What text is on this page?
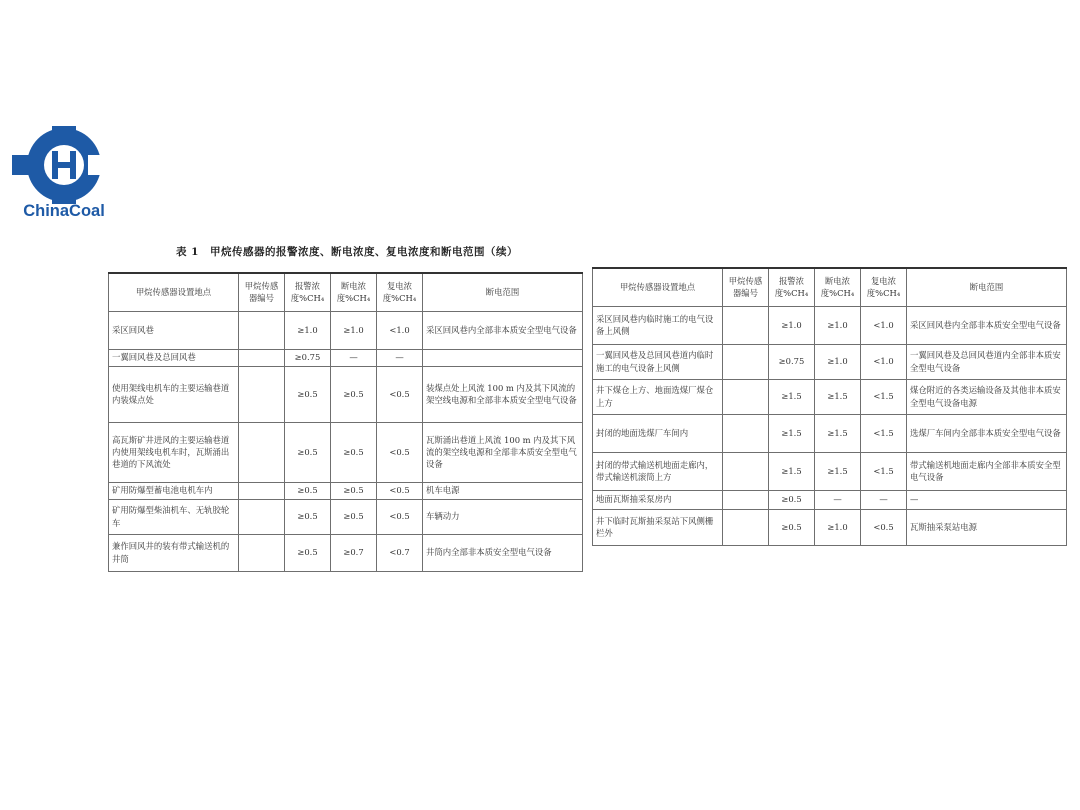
ChinaCoal
表 1　甲烷传感器的报警浓度、断电浓度、复电浓度和断电范围（续）
甲烷传感器设置地点	甲烷传感器编号	报警浓度%CH₄	断电浓度%CH₄	复电浓度%CH₄	断电范围
采区回风巷		≥1.0	≥1.0	<1.0	采区回风巷内全部非本质安全型电气设备
一翼回风巷及总回风巷		≥0.75	—	—	
使用架线电机车的主要运输巷道内装煤点处		≥0.5	≥0.5	<0.5	装煤点处上风流 100 m 内及其下风流的架空线电源和全部非本质安全型电气设备
高瓦斯矿井进风的主要运输巷道内使用架线电机车时，瓦斯涌出巷道的下风流处		≥0.5	≥0.5	<0.5	瓦斯涌出巷道上风流 100 m 内及其下风流的架空线电源和全部非本质安全型电气设备
矿用防爆型蓄电池电机车内		≥0.5	≥0.5	<0.5	机车电源
矿用防爆型柴油机车、无轨胶轮车		≥0.5	≥0.5	<0.5	车辆动力
兼作回风井的装有带式输送机的井筒		≥0.5	≥0.7	<0.7	井筒内全部非本质安全型电气设备
甲烷传感器设置地点	甲烷传感器编号	报警浓度%CH₄	断电浓度%CH₄	复电浓度%CH₄	断电范围
采区回风巷内临时施工的电气设备上风侧		≥1.0	≥1.0	<1.0	采区回风巷内全部非本质安全型电气设备
一翼回风巷及总回风巷道内临时施工的电气设备上风侧		≥0.75	≥1.0	<1.0	一翼回风巷及总回风巷道内全部非本质安全型电气设备
井下煤仓上方、地面选煤厂煤仓上方		≥1.5	≥1.5	<1.5	煤仓附近的各类运输设备及其他非本质安全型电气设备电源
封闭的地面选煤厂车间内		≥1.5	≥1.5	<1.5	选煤厂车间内全部非本质安全型电气设备
封闭的带式输送机地面走廊内，带式输送机滚筒上方		≥1.5	≥1.5	<1.5	带式输送机地面走廊内全部非本质安全型电气设备
地面瓦斯抽采泵房内		≥0.5	—	—	—
井下临时瓦斯抽采泵站下风侧栅栏外		≥0.5	≥1.0	<0.5	瓦斯抽采泵站电源
